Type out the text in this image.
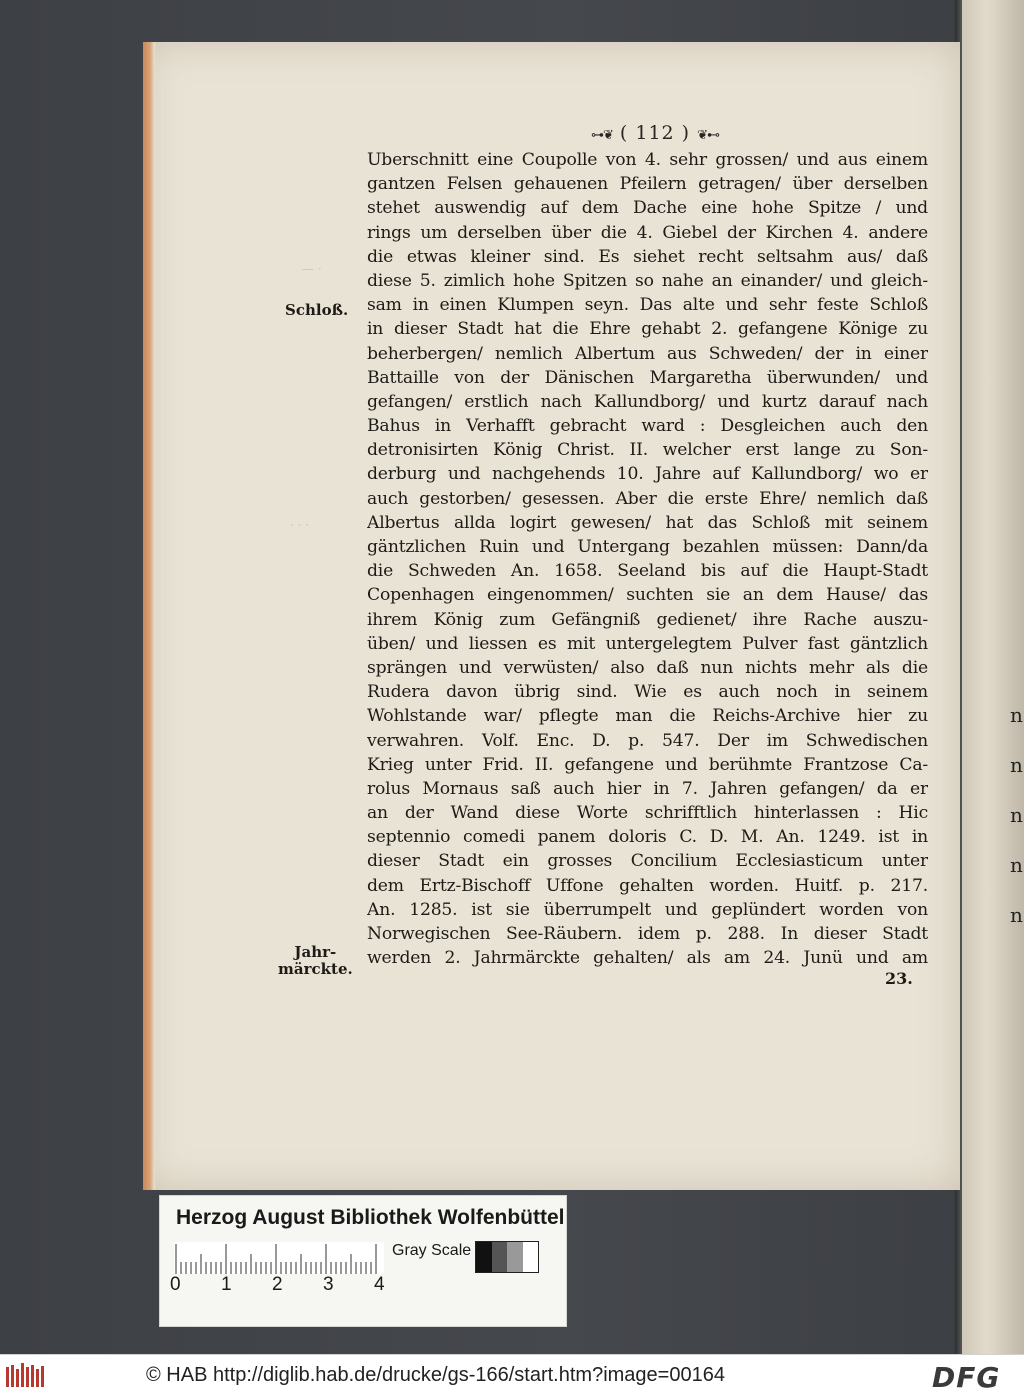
n
n
n
n
n
— ·
· · ·
⊶❦ ( 112 ) ❦⊷
Uberschnitt eine Coupolle von 4. sehr grossen/ und aus einem
gantzen Felsen gehauenen Pfeilern getragen/ über derselben
stehet auswendig auf dem Dache eine hohe Spitze / und
rings um derselben über die 4. Giebel der Kirchen 4. andere
die etwas kleiner sind. Es siehet recht seltsahm aus/ daß
diese 5. zimlich hohe Spitzen so nahe an einander/ und gleich-
sam in einen Klumpen seyn. Das alte und sehr feste Schloß
in dieser Stadt hat die Ehre gehabt 2. gefangene Könige zu
beherbergen/ nemlich Albertum aus Schweden/ der in einer
Battaille von der Dänischen Margaretha überwunden/ und
gefangen/ erstlich nach Kallundborg/ und kurtz darauf nach
Bahus in Verhafft gebracht ward : Desgleichen auch den
detronisirten König Christ. II. welcher erst lange zu Son-
derburg und nachgehends 10. Jahre auf Kallundborg/ wo er
auch gestorben/ gesessen. Aber die erste Ehre/ nemlich daß
Albertus allda logirt gewesen/ hat das Schloß mit seinem
gäntzlichen Ruin und Untergang bezahlen müssen: Dann/da
die Schweden An. 1658. Seeland bis auf die Haupt-Stadt
Copenhagen eingenommen/ suchten sie an dem Hause/ das
ihrem König zum Gefängniß gedienet/ ihre Rache auszu-
üben/ und liessen es mit untergelegtem Pulver fast gäntzlich
sprängen und verwüsten/ also daß nun nichts mehr als die
Rudera davon übrig sind. Wie es auch noch in seinem
Wohlstande war/ pflegte man die Reichs-Archive hier zu
verwahren. Volf. Enc. D. p. 547. Der im Schwedischen
Krieg unter Frid. II. gefangene und berühmte Frantzose Ca-
rolus Mornaus saß auch hier in 7. Jahren gefangen/ da er
an der Wand diese Worte schrifftlich hinterlassen : Hic
septennio comedi panem doloris C. D. M. An. 1249. ist in
dieser Stadt ein grosses Concilium Ecclesiasticum unter
dem Ertz-Bischoff Uffone gehalten worden. Huitf. p. 217.
An. 1285. ist sie überrumpelt und geplündert worden von
Norwegischen See-Räubern. idem p. 288. In dieser Stadt
werden 2. Jahrmärckte gehalten/ als am 24. Junü und am
Schloß.
Jahr-
märckte.	23.
Herzog August Bibliothek Wolfenbüttel
0 1 2 3 4
Gray Scale
© HAB http://diglib.hab.de/drucke/gs-166/start.htm?image=00164	DFG
